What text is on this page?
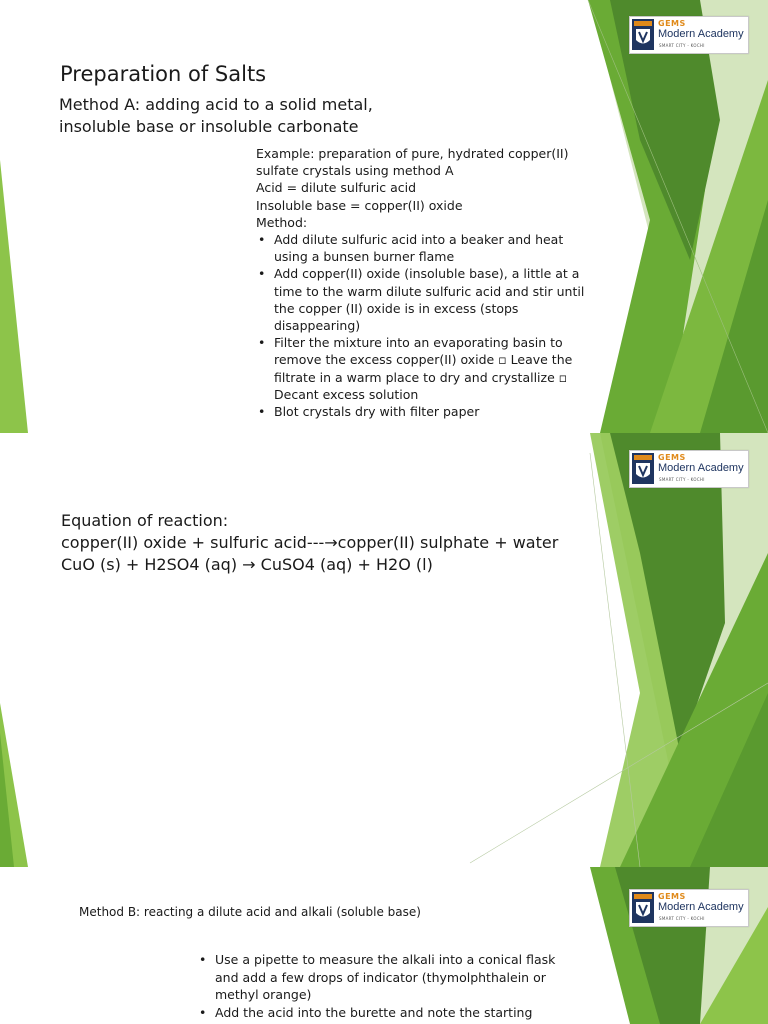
GEMS
Modern Academy
SMART CITY - KOCHI
Preparation of Salts
Method A: adding acid to a solid metal,
insoluble base or insoluble carbonate
Example: preparation of pure, hydrated copper(II)
sulfate crystals using method A
Acid = dilute sulfuric acid
Insoluble base = copper(II) oxide
Method:
• Add dilute sulfuric acid into a beaker and heat using a bunsen burner flame
• Add copper(II) oxide (insoluble base), a little at a time to the warm dilute sulfuric acid and stir until the copper (II) oxide is in excess (stops disappearing)
• Filter the mixture into an evaporating basin to remove the excess copper(II) oxide ▫ Leave the filtrate in a warm place to dry and crystallize ▫ Decant excess solution
• Blot crystals dry with filter paper
GEMS
Modern Academy
SMART CITY - KOCHI
Equation of reaction:
copper(II) oxide + sulfuric acid---→copper(II) sulphate + water
CuO (s) + H2SO4 (aq) → CuSO4 (aq) + H2O (l)
GEMS
Modern Academy
SMART CITY - KOCHI
Method B: reacting a dilute acid and alkali (soluble base)
• Use a pipette to measure the alkali into a conical flask and add a few drops of indicator (thymolphthalein or methyl orange)
• Add the acid into the burette and note the starting
